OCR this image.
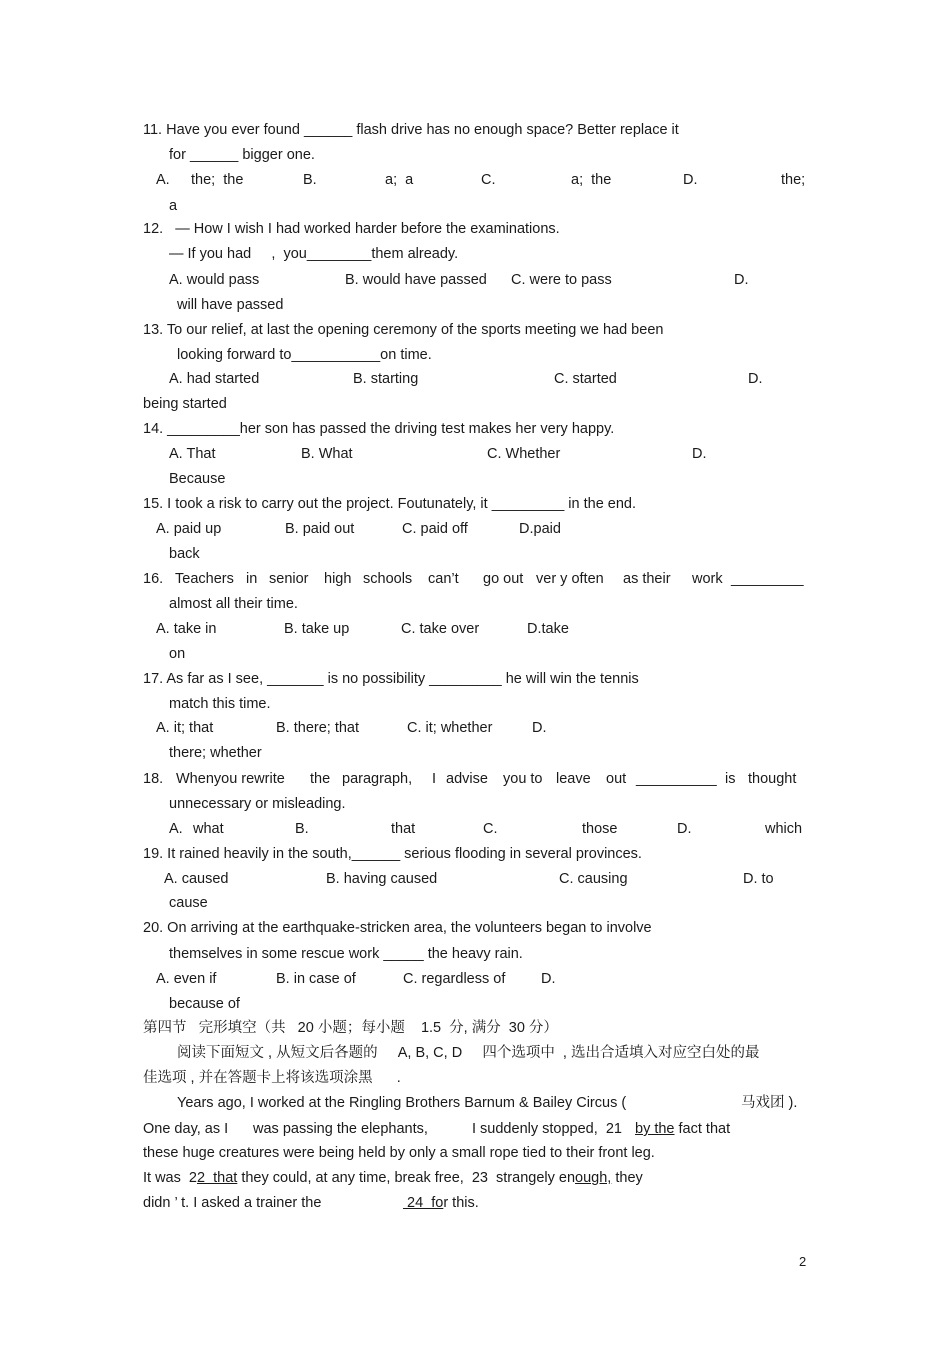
11. Have you ever found ______ flash drive has no enough space? Better replace it
for ______ bigger one.
A. the;  the	B.	a;  a	C.	a;  the	D.	the;
a
12.   — How I wish I had worked harder before the examinations.
— If you had     ,  you________them already.
A. would pass	B. would have passed C. were to pass	D.
will have passed
13. To our relief, at last the opening ceremony of the sports meeting we had been
looking forward to___________on time.
A. had started	B. starting	C. started	D.
being started
14. _________her son has passed the driving test makes her very happy.
A. That	B. What	C. Whether	D.
Because
15. I took a risk to carry out the project. Foutunately, it _________ in the end.
A. paid up	B. paid out	C. paid off	D.paid
back
16. Teachers in senior high schools can’t go out ver y often as their work _________
almost all their time.
A. take in	B. take up	C. take over	D.take
on
17. As far as I see, _______ is no possibility _________ he will win the tennis
match this time.
A. it; that	B. there; that	C. it; whether	D.
there; whether
18. Whenyou rewrite the paragraph, I advise you to leave out __________ is thought
unnecessary or misleading.
A. what	B.	that	C.	those	D.	which
19. It rained heavily in the south,______ serious flooding in several provinces.
A. caused	B. having caused	C. causing	D. to
cause
20. On arriving at the earthquake-stricken area, the volunteers began to involve
themselves in some rescue work _____ the heavy rain.
A. even if	B. in case of	C. regardless of D.
because of
第四节   完形填空（共   20 小题；每小题    1.5  分, 满分  30 分）
阅读下面短文 , 从短文后各题的     A, B, C, D     四个选项中  , 选出合适填入对应空白处的最
佳选项 , 并在答题卡上将该选项涂黑      .
Years ago, I worked at the Ringling Brothers Barnum & Bailey Circus (	马戏团 ).
One day, as I was passing the elephants,	I suddenly stopped,  21 by the fact that
these huge creatures were being held by only a small rope tied to their front leg.
It was  22  that they could, at any time, break free,  23  strangely enough, they
didn ’ t. I asked a trainer the	24  for this.
2
